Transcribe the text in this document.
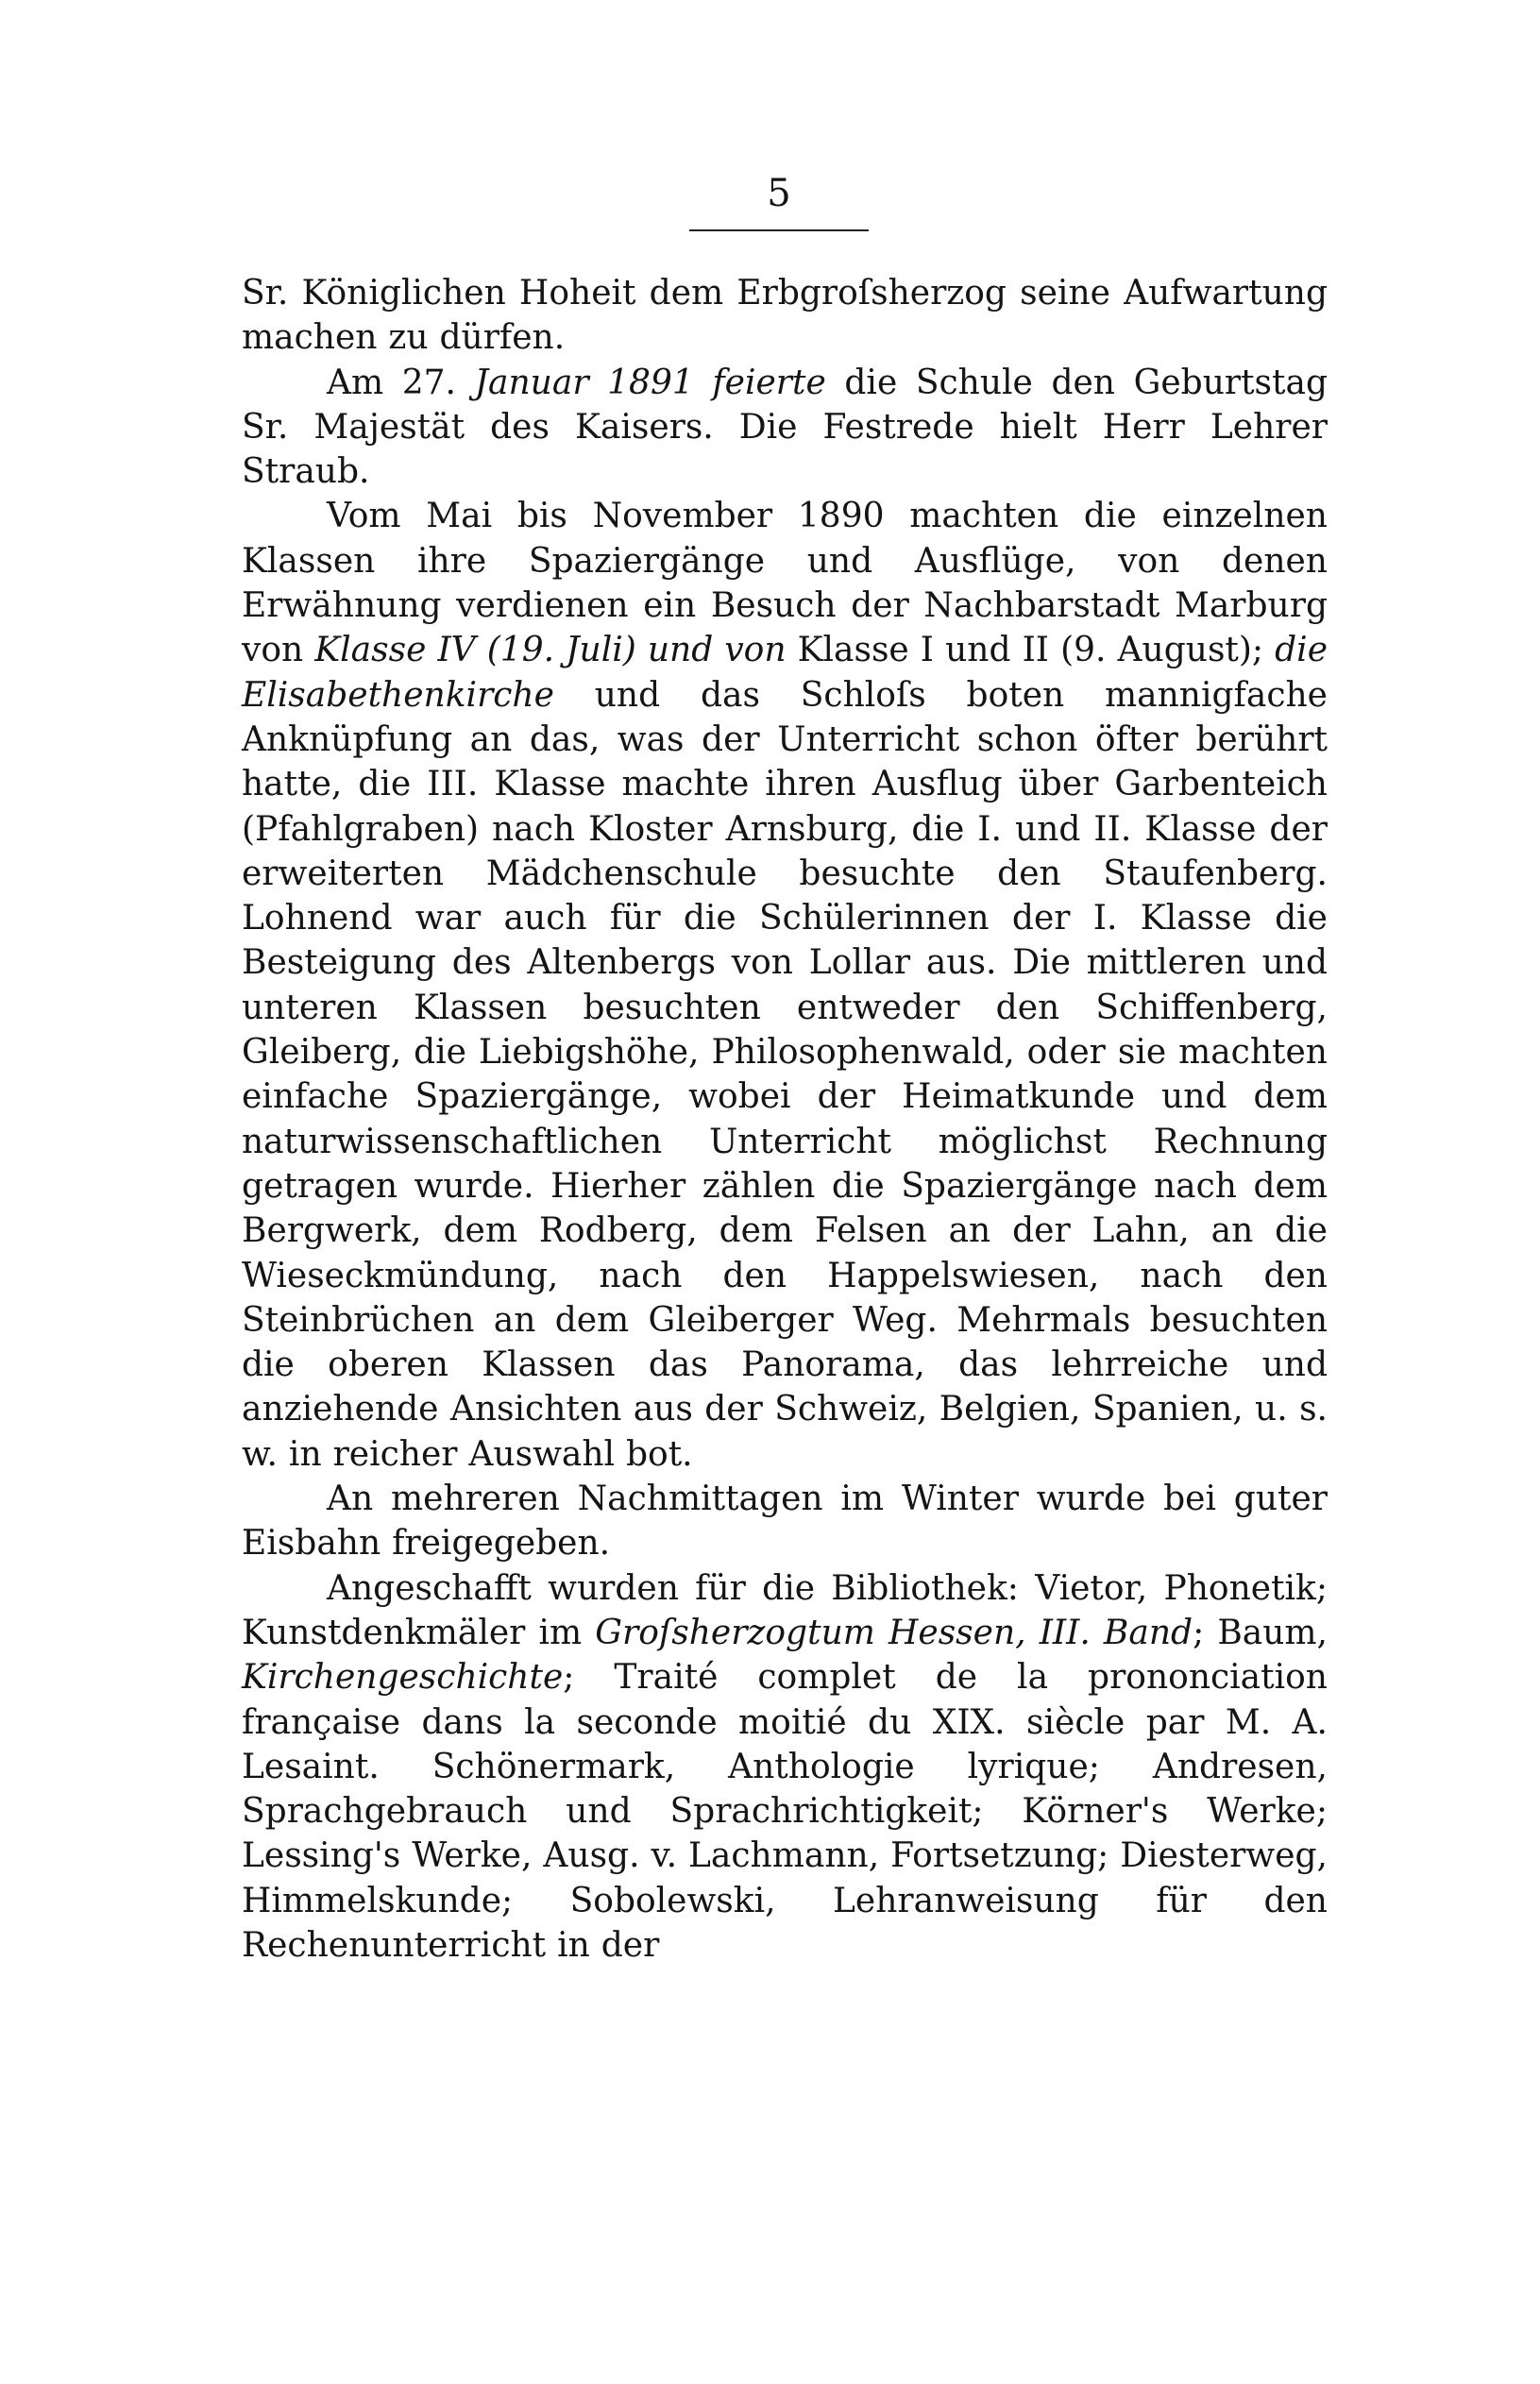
5

Sr. Königlichen Hoheit dem Erbgroſsherzog seine Aufwartung machen zu dürfen.

Am 27. Januar 1891 feierte die Schule den Geburtstag Sr. Majestät des Kaisers. Die Festrede hielt Herr Lehrer Straub.

Vom Mai bis November 1890 machten die einzelnen Klassen ihre Spaziergänge und Ausflüge, von denen Erwähnung verdienen ein Besuch der Nachbarstadt Marburg von Klasse IV (19. Juli) und von Klasse I und II (9. August); die Elisabethenkirche und das Schloſs boten mannigfache Anknüpfung an das, was der Unterricht schon öfter berührt hatte, die III. Klasse machte ihren Ausflug über Garbenteich (Pfahlgraben) nach Kloster Arnsburg, die I. und II. Klasse der erweiterten Mädchenschule besuchte den Staufenberg. Lohnend war auch für die Schülerinnen der I. Klasse die Besteigung des Altenbergs von Lollar aus. Die mittleren und unteren Klassen besuchten entweder den Schiffenberg, Gleiberg, die Liebigshöhe, Philosophenwald, oder sie machten einfache Spaziergänge, wobei der Heimatkunde und dem naturwissenschaftlichen Unterricht möglichst Rechnung getragen wurde. Hierher zählen die Spaziergänge nach dem Bergwerk, dem Rodberg, dem Felsen an der Lahn, an die Wieseckmündung, nach den Happelswiesen, nach den Steinbrüchen an dem Gleiberger Weg. Mehrmals besuchten die oberen Klassen das Panorama, das lehrreiche und anziehende Ansichten aus der Schweiz, Belgien, Spanien, u. s. w. in reicher Auswahl bot.

An mehreren Nachmittagen im Winter wurde bei guter Eisbahn freigegeben.

Angeschafft wurden für die Bibliothek: Vietor, Phonetik; Kunstdenkmäler im Groſsherzogtum Hessen, III. Band; Baum, Kirchengeschichte; Traité complet de la prononciation française dans la seconde moitié du XIX. siècle par M. A. Lesaint. Schönermark, Anthologie lyrique; Andresen, Sprachgebrauch und Sprachrichtigkeit; Körner's Werke; Lessing's Werke, Ausg. v. Lachmann, Fortsetzung; Diesterweg, Himmelskunde; Sobolewski, Lehranweisung für den Rechenunterricht in der
